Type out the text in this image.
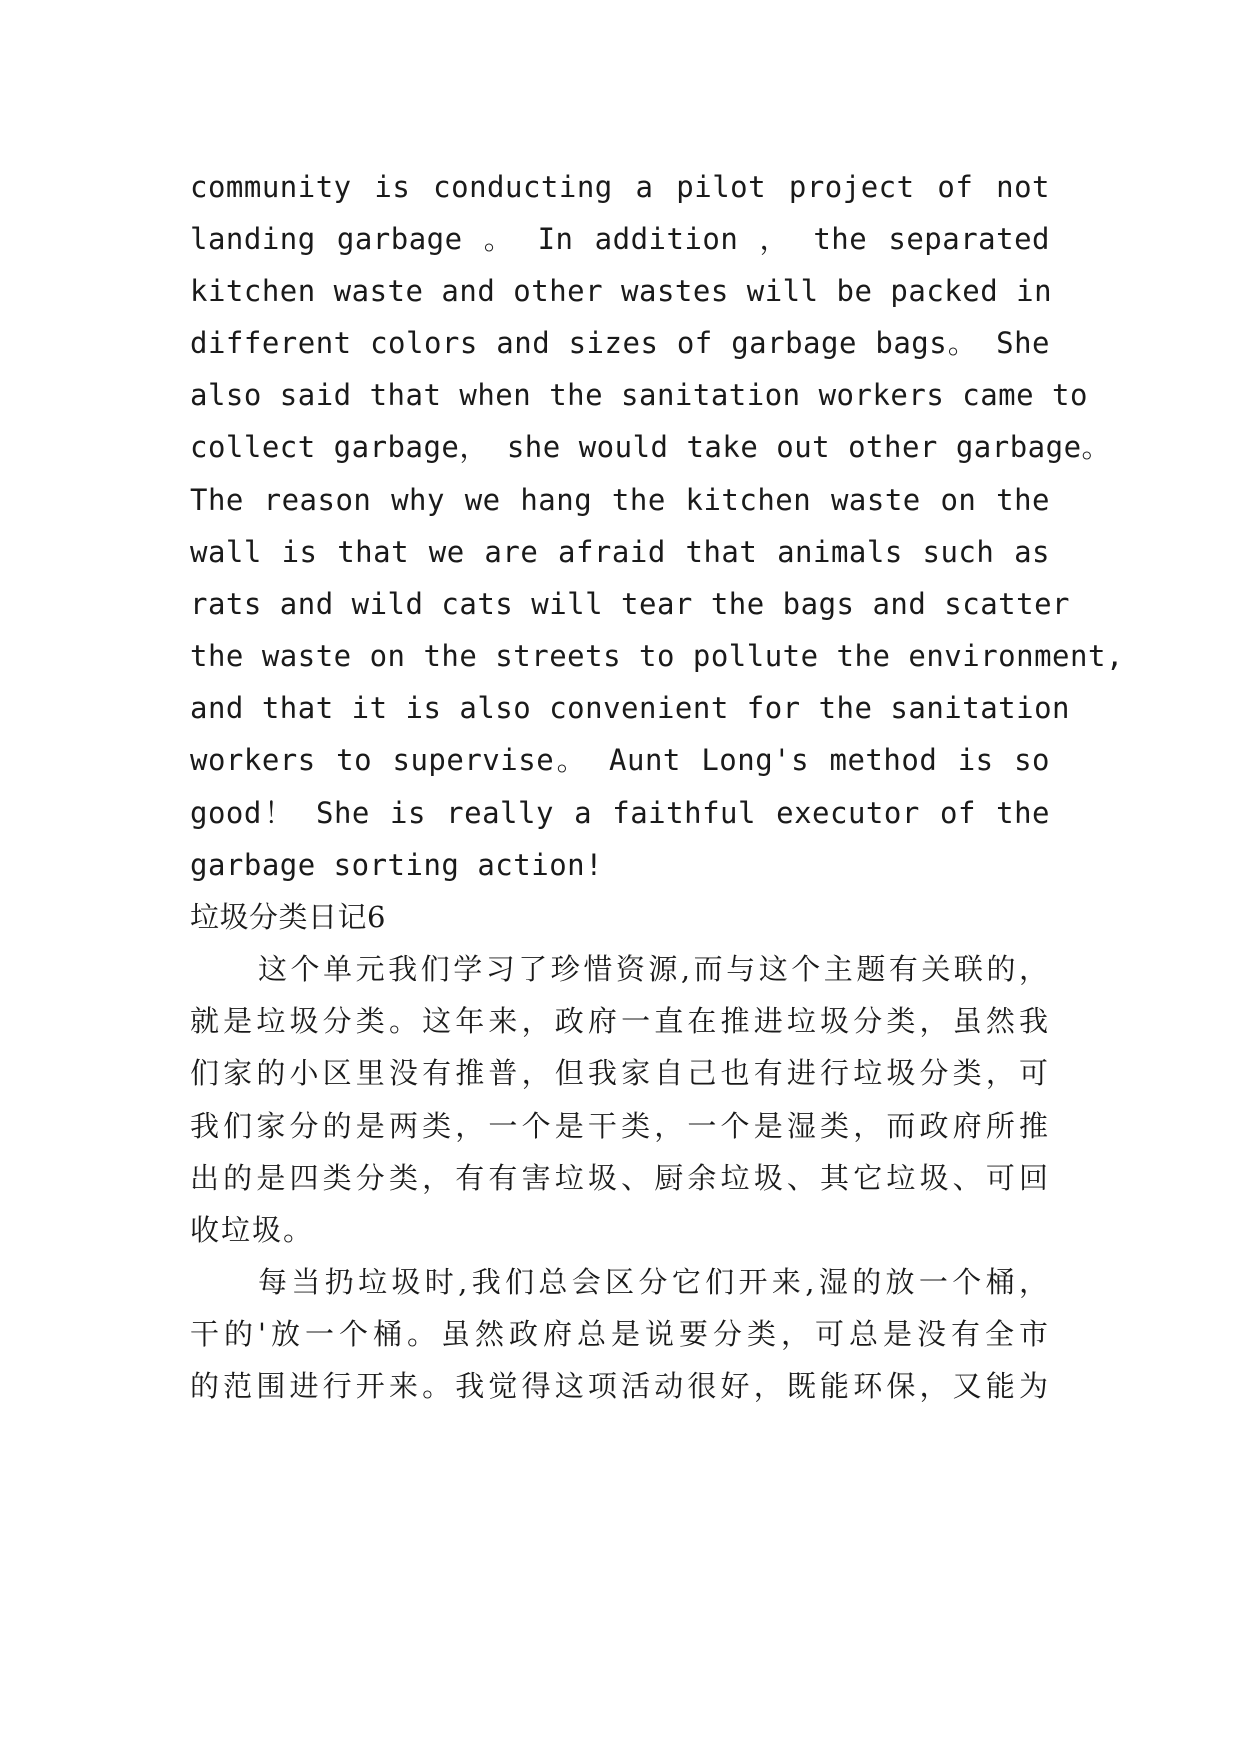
community is conducting a pilot project of not
landing garbage 。 In addition ， the separated
kitchen waste and other wastes will be packed in
different colors and sizes of garbage bags。 She
also said that when the sanitation workers came to
collect garbage， she would take out other garbage。
The reason why we hang the kitchen waste on the
wall is that we are afraid that animals such as
rats and wild cats will tear the bags and scatter
the waste on the streets to pollute the environment,
and that it is also convenient for the sanitation
workers to supervise。 Aunt Long's method is so
good！ She is really a faithful executor of the
garbage sorting action!
垃圾分类日记6
这个单元我们学习了珍惜资源,而与这个主题有关联的，
就是垃圾分类。这年来，政府一直在推进垃圾分类，虽然我
们家的小区里没有推普，但我家自己也有进行垃圾分类，可
我们家分的是两类，一个是干类，一个是湿类，而政府所推
出的是四类分类，有有害垃圾、厨余垃圾、其它垃圾、可回
收垃圾。
每当扔垃圾时,我们总会区分它们开来,湿的放一个桶，
干的'放一个桶。虽然政府总是说要分类，可总是没有全市
的范围进行开来。我觉得这项活动很好，既能环保，又能为
